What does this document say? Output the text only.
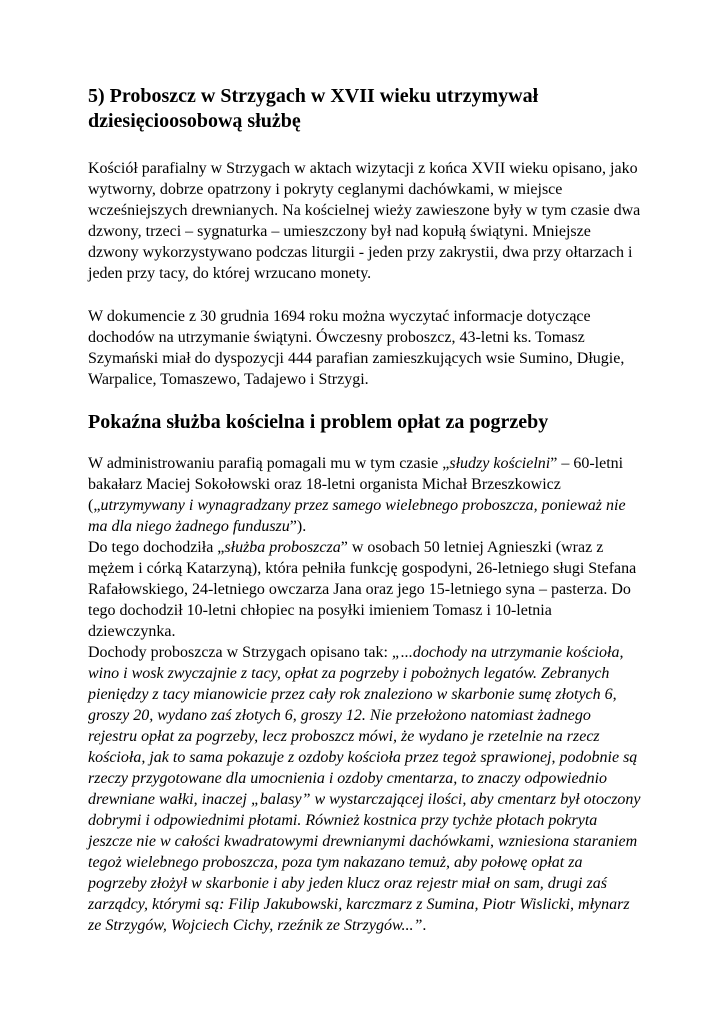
5) Proboszcz w Strzygach w XVII wieku utrzymywał
dziesięcioosobową służbę

Kościół parafialny w Strzygach w aktach wizytacji z końca XVII wieku opisano, jako wytworny, dobrze opatrzony i pokryty ceglanymi dachówkami, w miejsce wcześniejszych drewnianych. Na kościelnej wieży zawieszone były w tym czasie dwa dzwony, trzeci – sygnaturka – umieszczony był nad kopułą świątyni. Mniejsze dzwony wykorzystywano podczas liturgii - jeden przy zakrystii, dwa przy ołtarzach i jeden przy tacy, do której wrzucano monety.

W dokumencie z 30 grudnia 1694 roku można wyczytać informacje dotyczące dochodów na utrzymanie świątyni. Ówczesny proboszcz, 43-letni ks. Tomasz Szymański miał do dyspozycji 444 parafian zamieszkujących wsie Sumino, Długie, Warpalice, Tomaszewo, Tadajewo i Strzygi.

Pokaźna służba kościelna i problem opłat za pogrzeby

W administrowaniu parafią pomagali mu w tym czasie „słudzy kościelni” – 60-letni bakałarz Maciej Sokołowski oraz 18-letni organista Michał Brzeszkowicz („utrzymywany i wynagradzany przez samego wielebnego proboszcza, ponieważ nie ma dla niego żadnego funduszu”).

Do tego dochodziła „służba proboszcza” w osobach 50 letniej Agnieszki (wraz z mężem i córką Katarzyną), która pełniła funkcję gospodyni, 26-letniego sługi Stefana Rafałowskiego, 24-letniego owczarza Jana oraz jego 15-letniego syna – pasterza. Do tego dochodził 10-letni chłopiec na posyłki imieniem Tomasz i 10-letnia dziewczynka.

Dochody proboszcza w Strzygach opisano tak: „...dochody na utrzymanie kościoła, wino i wosk zwyczajnie z tacy, opłat za pogrzeby i pobożnych legatów. Zebranych pieniędzy z tacy mianowicie przez cały rok znaleziono w skarbonie sumę złotych 6, groszy 20, wydano zaś złotych 6, groszy 12. Nie przełożono natomiast żadnego rejestru opłat za pogrzeby, lecz proboszcz mówi, że wydano je rzetelnie na rzecz kościoła, jak to sama pokazuje z ozdoby kościoła przez tegoż sprawionej, podobnie są rzeczy przygotowane dla umocnienia i ozdoby cmentarza, to znaczy odpowiednio drewniane wałki, inaczej „balasy” w wystarczającej ilości, aby cmentarz był otoczony dobrymi i odpowiednimi płotami. Również kostnica przy tychże płotach pokryta jeszcze nie w całości kwadratowymi drewnianymi dachówkami, wzniesiona staraniem tegoż wielebnego proboszcza, poza tym nakazano temuż, aby połowę opłat za pogrzeby złożył w skarbonie i aby jeden klucz oraz rejestr miał on sam, drugi zaś zarządcy, którymi są: Filip Jakubowski, karczmarz z Sumina, Piotr Wislicki, młynarz ze Strzygów, Wojciech Cichy, rzeźnik ze Strzygów...”.
